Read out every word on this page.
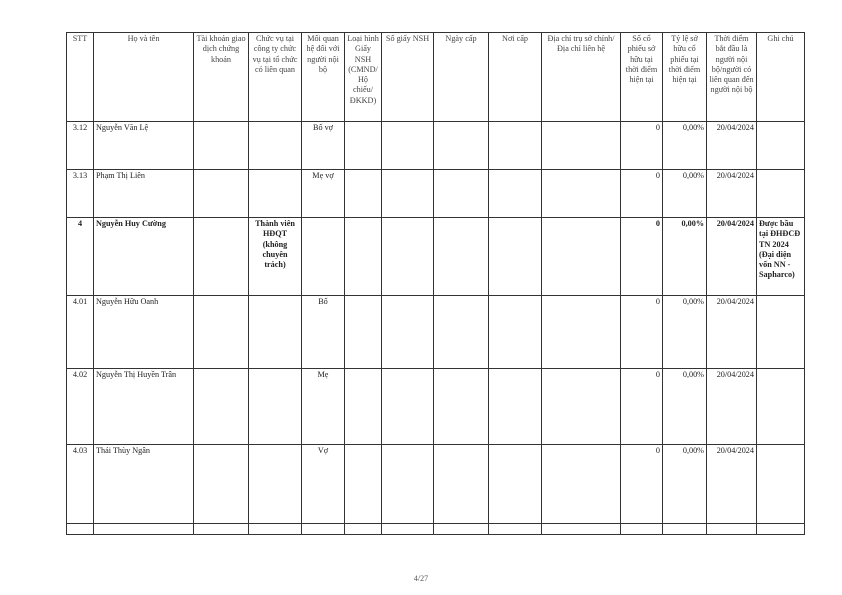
STT	Họ và tên	Tài khoản giao dịch chứng khoán	Chức vụ tại công ty chức vụ tại tổ chức có liên quan	Mối quan hệ đối với người nội bộ	Loại hình Giấy NSH (CMND/ Hộ chiếu/ ĐKKD)	Số giấy NSH	Ngày cấp	Nơi cấp	Địa chỉ trụ sở chính/ Địa chỉ liên hệ	Số cổ phiếu sở hữu tại thời điểm hiện tại	Tỷ lệ sở hữu cổ phiếu tại thời điểm hiện tại	Thời điểm bắt đầu là người nội bộ/người có liên quan đến người nội bộ	Ghi chú
3.12	Nguyễn Văn Lệ			Bố vợ						0	0,00%	20/04/2024	
3.13	Phạm Thị Liên			Mẹ vợ						0	0,00%	20/04/2024	
4	Nguyễn Huy Cường		Thành viên HĐQT (không chuyên trách)							0	0,00%	20/04/2024	Được bầu tại ĐHĐCĐ TN 2024 (Đại diện vốn NN - Sapharco)
4.01	Nguyễn Hữu Oanh			Bố						0	0,00%	20/04/2024	
4.02	Nguyễn Thị Huyền Trân			Mẹ						0	0,00%	20/04/2024	
4.03	Thái Thùy Ngân			Vợ						0	0,00%	20/04/2024	

4/27
